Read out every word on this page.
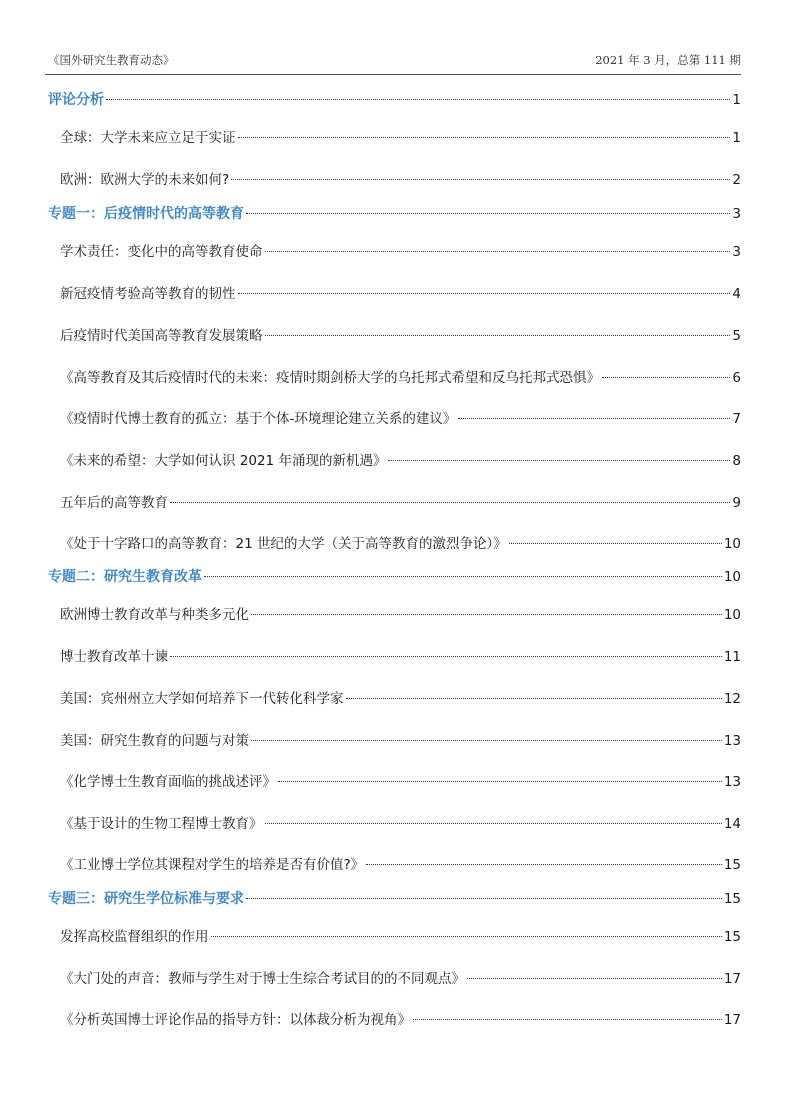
《国外研究生教育动态》	2021 年 3 月，总第 111 期
评论分析	1
全球：大学未来应立足于实证	1
欧洲：欧洲大学的未来如何?	2
专题一：后疫情时代的高等教育	3
学术责任：变化中的高等教育使命	3
新冠疫情考验高等教育的韧性	4
后疫情时代美国高等教育发展策略	5
《高等教育及其后疫情时代的未来：疫情时期剑桥大学的乌托邦式希望和反乌托邦式恐惧》	6
《疫情时代博士教育的孤立：基于个体-环境理论建立关系的建议》	7
《未来的希望：大学如何认识 2021 年涌现的新机遇》	8
五年后的高等教育	9
《处于十字路口的高等教育：21 世纪的大学（关于高等教育的激烈争论）》	10
专题二：研究生教育改革	10
欧洲博士教育改革与种类多元化	10
博士教育改革十谏	11
美国：宾州州立大学如何培养下一代转化科学家	12
美国：研究生教育的问题与对策	13
《化学博士生教育面临的挑战述评》	13
《基于设计的生物工程博士教育》	14
《工业博士学位其课程对学生的培养是否有价值?》	15
专题三：研究生学位标准与要求	15
发挥高校监督组织的作用	15
《大门处的声音：教师与学生对于博士生综合考试目的的不同观点》	17
《分析英国博士评论作品的指导方针：以体裁分析为视角》	17
